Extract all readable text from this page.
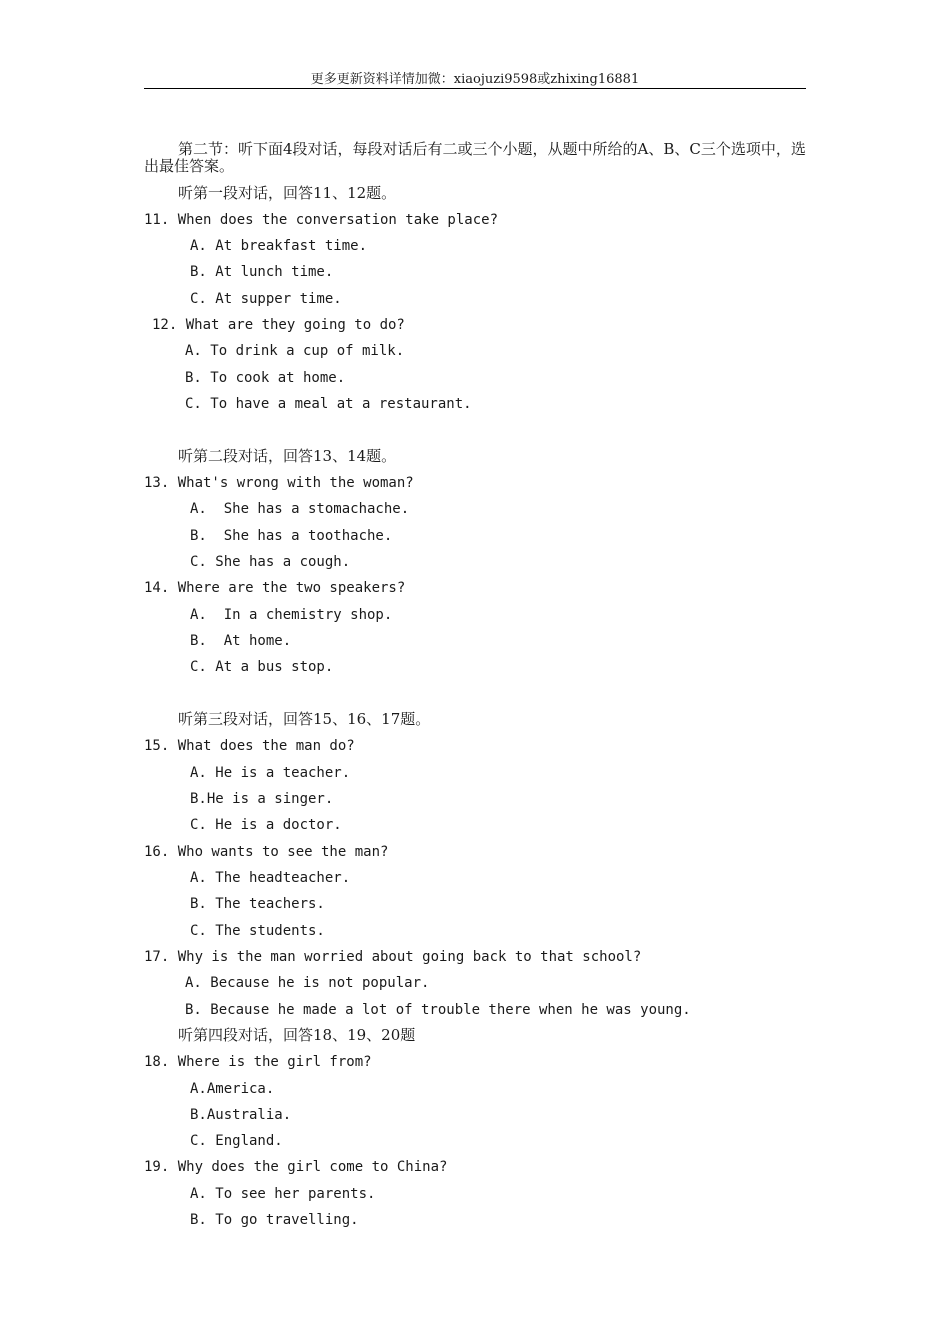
更多更新资料详情加微：xiaojuzi9598或zhixing16881
第二节：听下面4段对话，每段对话后有二或三个小题，从题中所给的A、B、C三个选项中，选出最佳答案。
听第一段对话，回答11、12题。
11. When does the conversation take place?
A. At breakfast time.
B. At lunch time.
C. At supper time.
12. What are they going to do?
A. To drink a cup of milk.
B. To cook at home.
C. To have a meal at a restaurant.
听第二段对话，回答13、14题。
13. What's wrong with the woman?
A.  She has a stomachache.
B.  She has a toothache.
C. She has a cough.
14. Where are the two speakers?
A.  In a chemistry shop.
B.  At home.
C. At a bus stop.
听第三段对话，回答15、16、17题。
15. What does the man do?
A. He is a teacher.
B.He is a singer.
C. He is a doctor.
16. Who wants to see the man?
A. The headteacher.
B. The teachers.
C. The students.
17. Why is the man worried about going back to that school?
A. Because he is not popular.
B. Because he made a lot of trouble there when he was young.
听第四段对话，回答18、19、20题
18. Where is the girl from?
A.America.
B.Australia.
C. England.
19. Why does the girl come to China?
A. To see her parents.
B. To go travelling.
